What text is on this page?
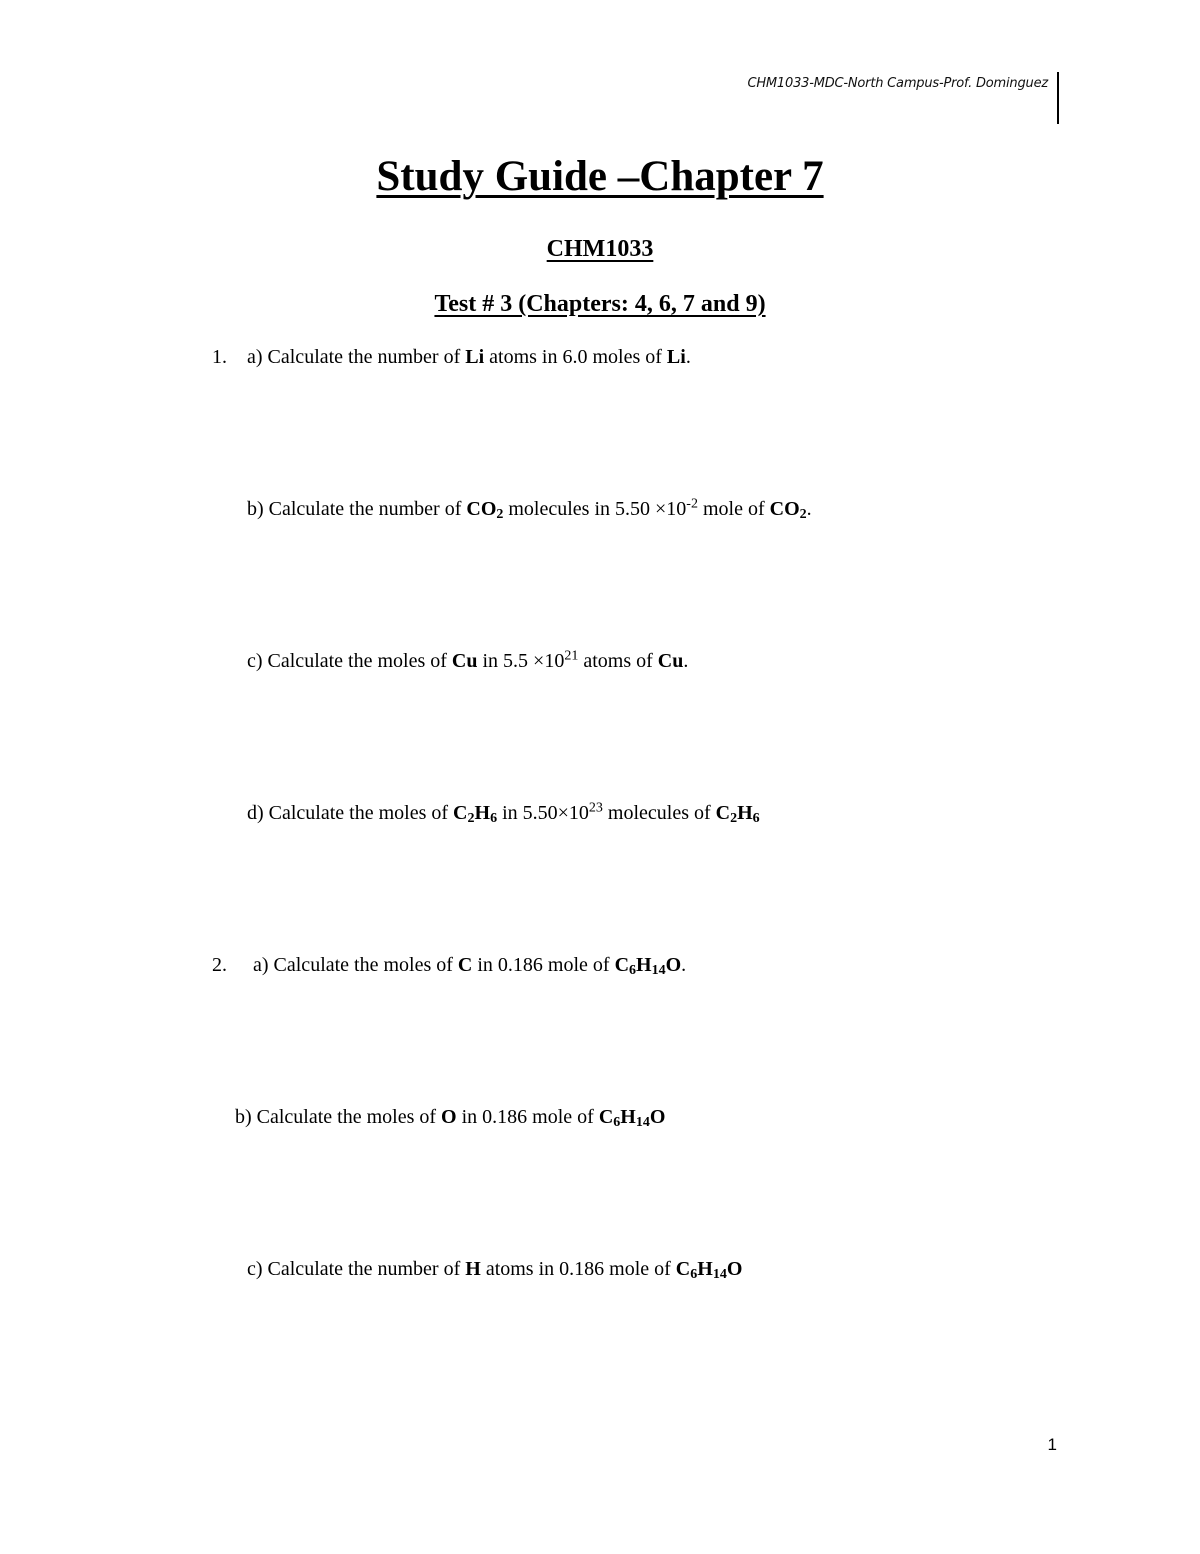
CHM1033-MDC-North Campus-Prof. Dominguez
Study Guide –Chapter 7
CHM1033
Test # 3 (Chapters: 4, 6, 7 and 9)
1. a) Calculate the number of Li atoms in 6.0 moles of Li.
b) Calculate the number of $CO_2$ molecules in $5.50 \times 10^{-2}$ mole of $CO_2$.
c) Calculate the moles of Cu in $5.5 \times 10^{21}$ atoms of Cu.
d) Calculate the moles of $C_2H_6$ in $5.50\times 10^{23}$ molecules of $C_2H_6$
2. a) Calculate the moles of C in 0.186 mole of $C_6H_{14}O$.
b) Calculate the moles of O in 0.186 mole of $C_6H_{14}O$
c) Calculate the number of H atoms in 0.186 mole of $C_6H_{14}O$
1
